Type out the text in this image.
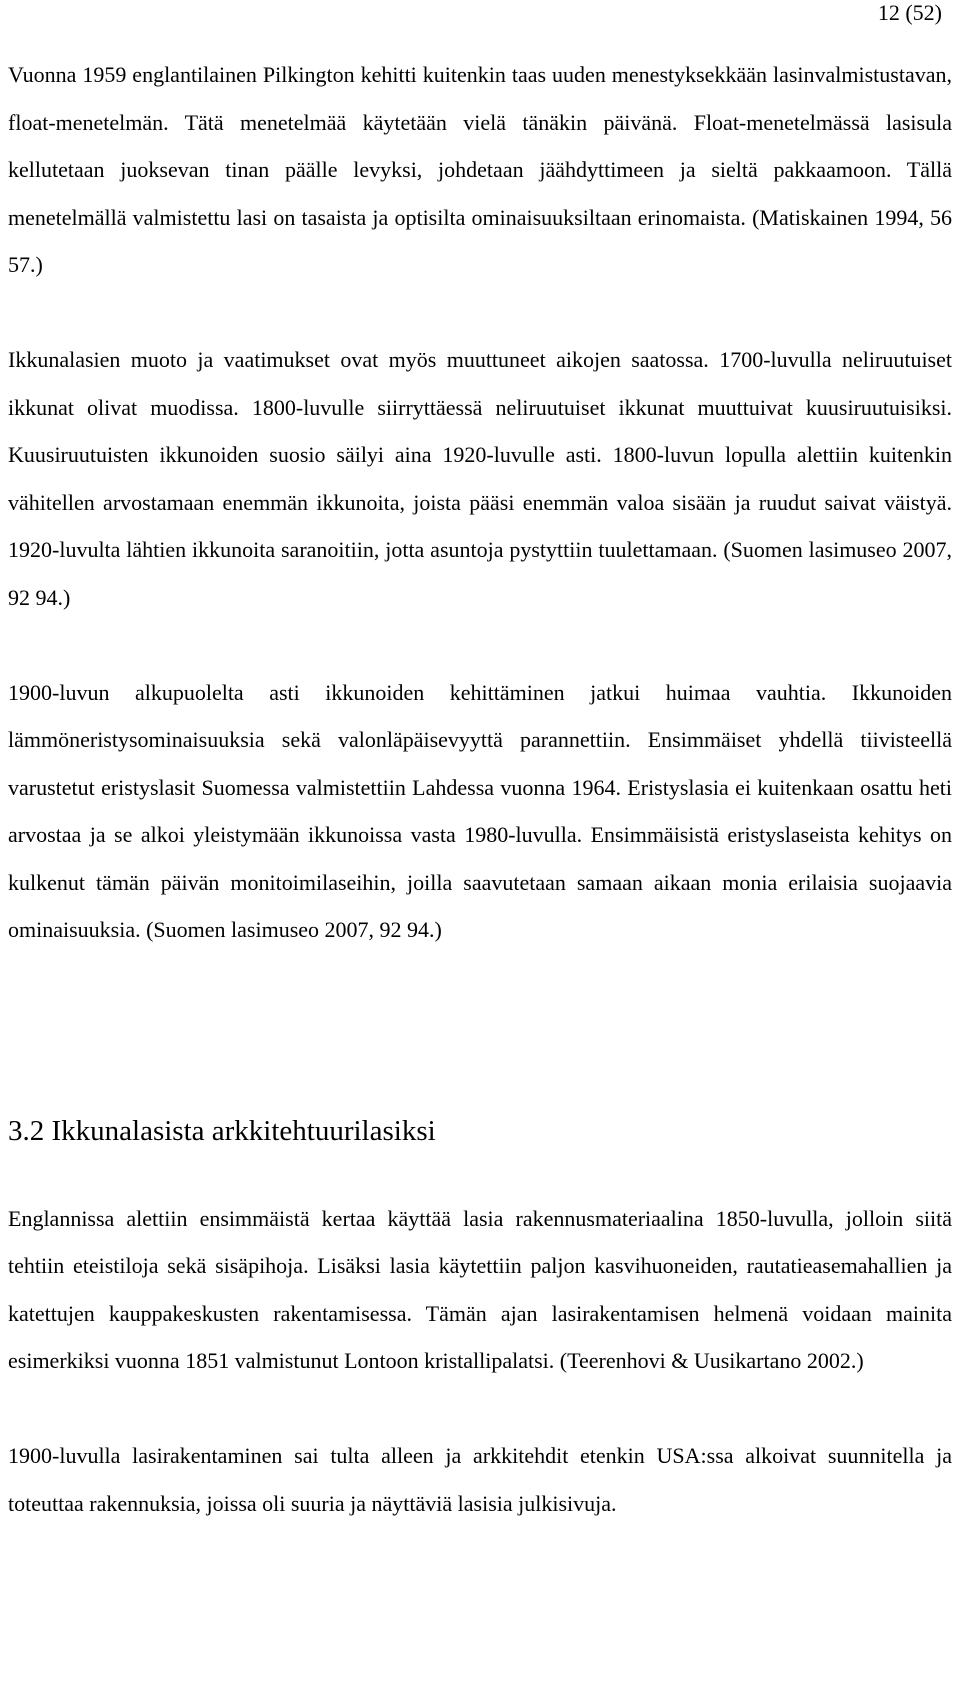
12 (52)

Vuonna 1959 englantilainen Pilkington kehitti kuitenkin taas uuden menestyksekkään lasinvalmistustavan, float-menetelmän. Tätä menetelmää käytetään vielä tänäkin päivänä. Float-menetelmässä lasisula kellutetaan juoksevan tinan päälle levyksi, johdetaan jäähdyttimeen ja sieltä pakkaamoon. Tällä menetelmällä valmistettu lasi on tasaista ja optisilta ominaisuuksiltaan erinomaista. (Matiskainen 1994, 56 57.)

Ikkunalasien muoto ja vaatimukset ovat myös muuttuneet aikojen saatossa. 1700-luvulla neliruutuiset ikkunat olivat muodissa. 1800-luvulle siirryttäessä neliruutuiset ikkunat muuttuivat kuusiruutuisiksi. Kuusiruutuisten ikkunoiden suosio säilyi aina 1920-luvulle asti. 1800-luvun lopulla alettiin kuitenkin vähitellen arvostamaan enemmän ikkunoita, joista pääsi enemmän valoa sisään ja ruudut saivat väistyä. 1920-luvulta lähtien ikkunoita saranoitiin, jotta asuntoja pystyttiin tuulettamaan. (Suomen lasimuseo 2007, 92 94.)

1900-luvun alkupuolelta asti ikkunoiden kehittäminen jatkui huimaa vauhtia. Ikkunoiden lämmöneristysominaisuuksia sekä valonläpäisevyyttä parannettiin. Ensimmäiset yhdellä tiivisteellä varustetut eristyslasit Suomessa valmistettiin Lahdessa vuonna 1964. Eristyslasia ei kuitenkaan osattu heti arvostaa ja se alkoi yleistymään ikkunoissa vasta 1980-luvulla. Ensimmäisistä eristyslaseista kehitys on kulkenut tämän päivän monitoimilaseihin, joilla saavutetaan samaan aikaan monia erilaisia suojaavia ominaisuuksia. (Suomen lasimuseo 2007, 92 94.)

3.2 Ikkunalasista arkkitehtuurilasiksi

Englannissa alettiin ensimmäistä kertaa käyttää lasia rakennusmateriaalina 1850-luvulla, jolloin siitä tehtiin eteistiloja sekä sisäpihoja. Lisäksi lasia käytettiin paljon kasvihuoneiden, rautatieasemahallien ja katettujen kauppakeskusten rakentamisessa. Tämän ajan lasirakentamisen helmenä voidaan mainita esimerkiksi vuonna 1851 valmistunut Lontoon kristallipalatsi. (Teerenhovi & Uusikartano 2002.)

1900-luvulla lasirakentaminen sai tulta alleen ja arkkitehdit etenkin USA:ssa alkoivat suunnitella ja toteuttaa rakennuksia, joissa oli suuria ja näyttäviä lasisia julkisivuja.
